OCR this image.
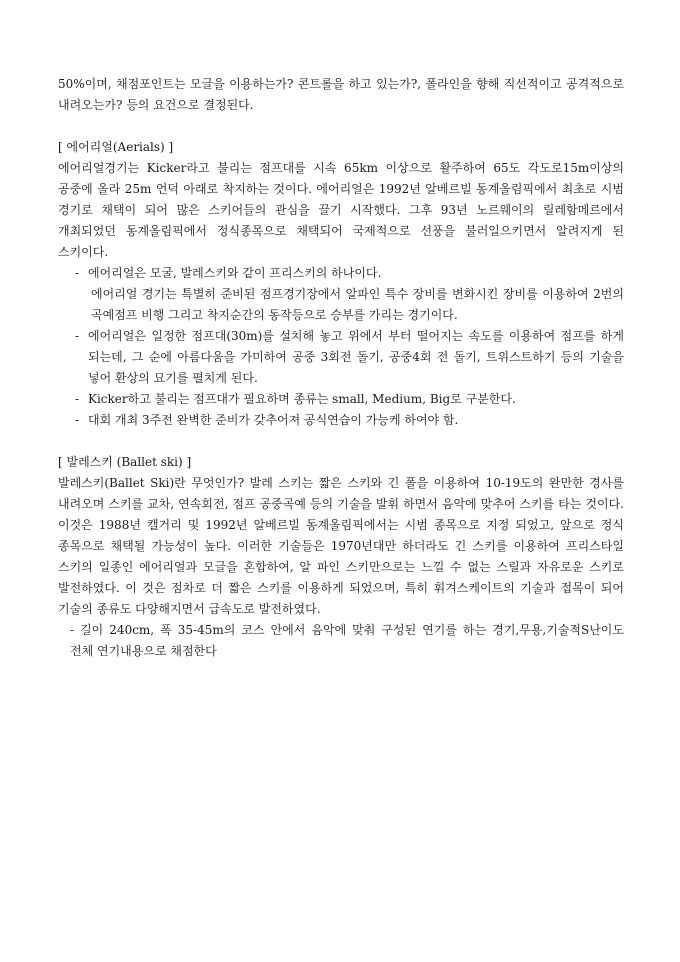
50%이며, 채점포인트는 모글을 이용하는가? 콘트롤을 하고 있는가?, 폴라인을 향해 직선적이고 공격적으로 내려오는가? 등의 요건으로 결정된다.

[ 에어리얼(Aerials) ]

에어리얼경기는 Kicker라고 불리는 점프대를 시속 65km 이상으로 활주하여 65도 각도로15m이상의 공중에 올라 25m 언덕 아래로 착지하는 것이다. 에어리얼은 1992년 알베르빌 동계올림픽에서 최초로 시범 경기로 채택이 되어 많은 스키어들의 관심을 끌기 시작했다. 그후 93년 노르웨이의 릴레함메르에서 개최되었던 동계올림픽에서 정식종목으로 채택되어 국제적으로 선풍을 불러일으키면서 알려지게 된 스키이다.

- 에어리얼은 모굴, 발레스키와 같이 프리스키의 하나이다.

에어리얼 경기는 특별히 준비된 점프경기장에서 알파인 특수 장비를 변화시킨 장비를 이용하여 2번의 곡예점프 비행 그리고 착지순간의 동작등으로 승부를 가리는 경기이다.

- 에어리얼은 일정한 점프대(30m)를 설치해 놓고 위에서 부터 떨어지는 속도를 이용하여 점프를 하게 되는데, 그 순에 아름다움을 가미하여 공중 3회전 돌기, 공중4회 전 돌기, 트위스트하기 등의 기술을 넣어 환상의 묘기를 펼치게 된다.
- Kicker하고 불리는 점프대가 필요하며 종류는 small, Medium, Big로 구분한다.
- 대회 개최 3주전 완벽한 준비가 갖추어져 공식연습이 가능케 하여야 함.

[ 발레스키 (Ballet ski) ]

발레스키(Ballet Ski)란 무엇인가? 발레 스키는 짧은 스키와 긴 폴을 이용하여 10-19도의 완만한 경사를 내려오며 스키를 교차, 연속회전, 점프 공중곡예 등의 기술을 발휘 하면서 음악에 맞추어 스키를 타는 것이다. 이것은 1988년 캘거리 및 1992년 알베르빌 동계올림픽에서는 시범 종목으로 지정 되었고, 앞으로 정식 종목으로 채택될 가능성이 높다. 이러한 기술들은 1970년대만 하더라도 긴 스키를 이용하여 프리스타일 스키의 일종인 에어리얼과 모글을 혼합하여, 알 파인 스키만으로는 느낄 수 없는 스릴과 자유로운 스키로 발전하였다. 이 것은 점차로 더 짧은 스키를 이용하게 되었으며, 특히 휘겨스케이트의 기술과 접목이 되어 기술의 종류도 다양해지면서 급속도로 발전하였다.

- 길이 240cm, 폭 35-45m의 코스 안에서 음악에 맞춰 구성된 연기를 하는 경기,무용,기술적S난이도 전체 연기내용으로 채점한다
